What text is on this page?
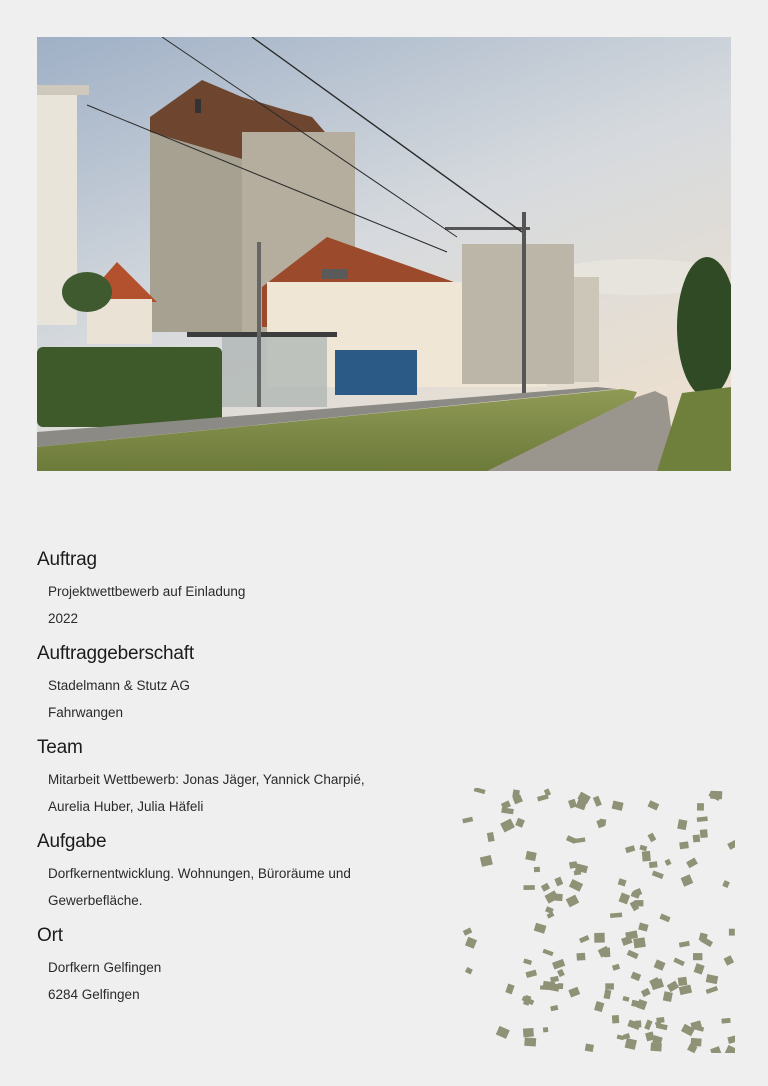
Auftrag
Projektwettbewerb auf Einladung
2022
Auftraggeberschaft
Stadelmann & Stutz AG
Fahrwangen
Team
Mitarbeit Wettbewerb: Jonas Jäger, Yannick Charpié,
Aurelia Huber, Julia Häfeli
Aufgabe
Dorfkernentwicklung. Wohnungen, Büroräume und
Gewerbefläche.
Ort
Dorfkern Gelfingen
6284 Gelfingen
